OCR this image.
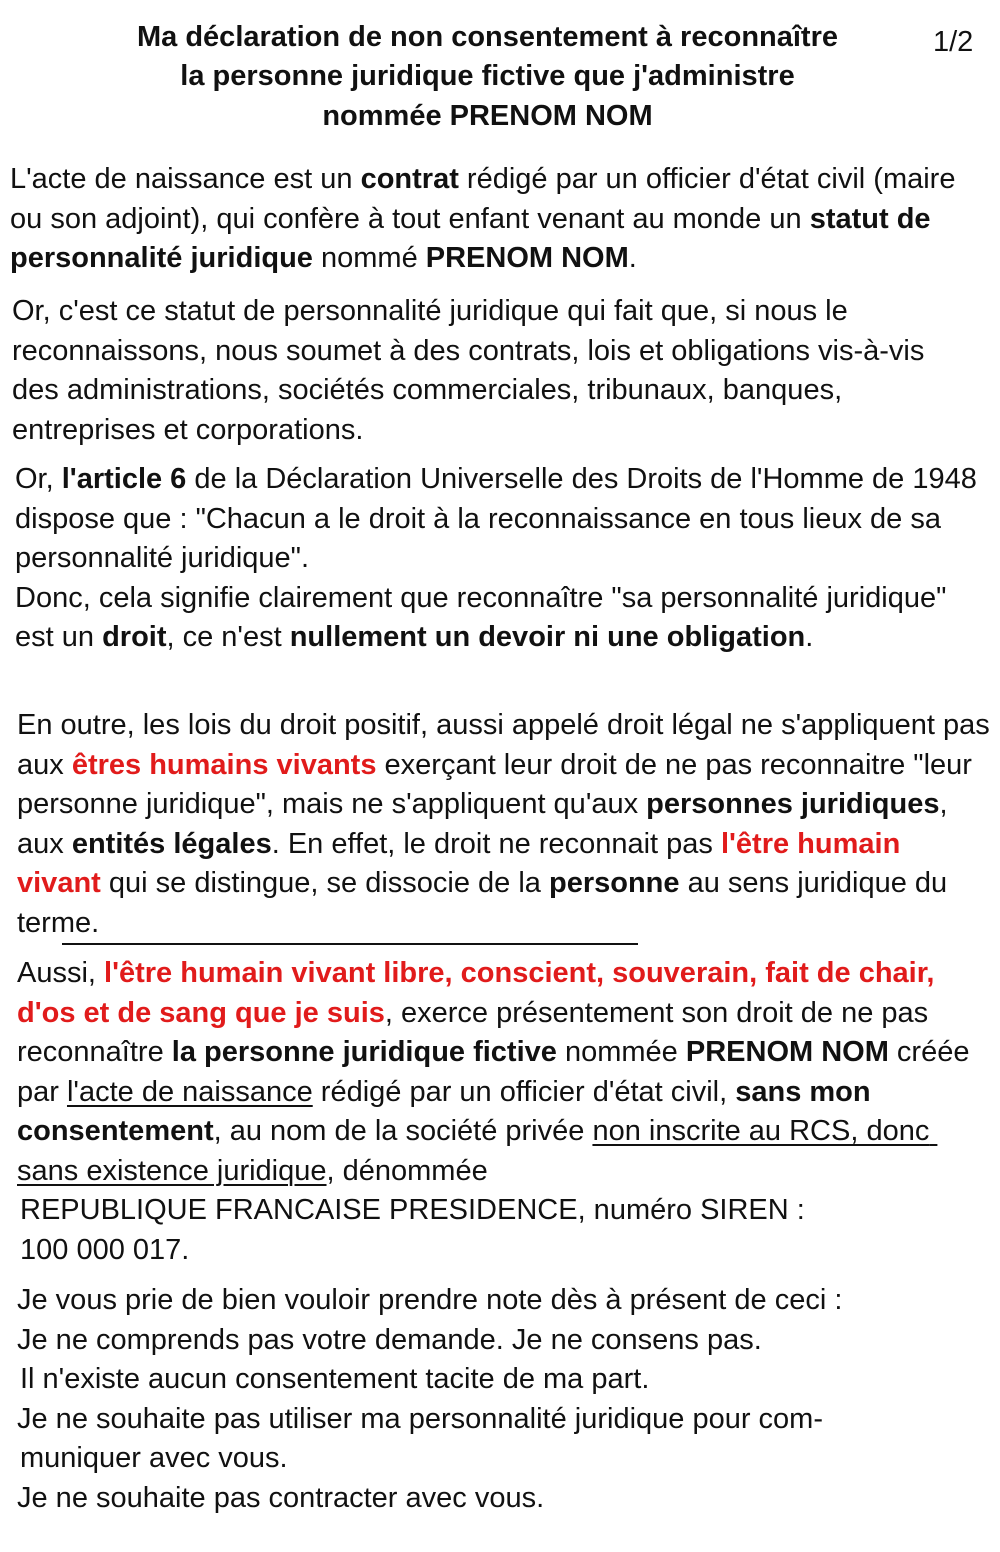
1/2
Ma déclaration de non consentement à reconnaître
la personne juridique fictive que j'administre
nommée PRENOM NOM

L'acte de naissance est un contrat rédigé par un officier d'état civil (maire ou son adjoint), qui confère à tout enfant venant au monde un statut de personnalité juridique nommé PRENOM NOM.

Or, c'est ce statut de personnalité juridique qui fait que, si nous le reconnaissons, nous soumet à des contrats, lois et obligations vis-à-vis des administrations, sociétés commerciales, tribunaux, banques, entreprises et corporations.

Or, l'article 6 de la Déclaration Universelle des Droits de l'Homme de 1948 dispose que : "Chacun a le droit à la reconnaissance en tous lieux de sa personnalité juridique".

Donc, cela signifie clairement que reconnaître "sa personnalité juridique" est un droit, ce n'est nullement un devoir ni une obligation.

En outre, les lois du droit positif, aussi appelé droit légal ne s'appliquent pas aux êtres humains vivants exerçant leur droit de ne pas reconnaitre "leur personne juridique", mais ne s'appliquent qu'aux personnes juridiques, aux entités légales. En effet, le droit ne reconnait pas l'être humain vivant qui se distingue, se dissocie de la personne au sens juridique du terme.

Aussi, l'être humain vivant libre, conscient, souverain, fait de chair, d'os et de sang que je suis, exerce présentement son droit de ne pas reconnaître la personne juridique fictive nommée PRENOM NOM créée par l'acte de naissance rédigé par un officier d'état civil, sans mon consentement, au nom de la société privée non inscrite au RCS, donc sans existence juridique, dénommée

REPUBLIQUE FRANCAISE PRESIDENCE, numéro SIREN :

100 000 017.

Je vous prie de bien vouloir prendre note dès à présent de ceci :

Je ne comprends pas votre demande. Je ne consens pas.

Il n'existe aucun consentement tacite de ma part.

Je ne souhaite pas utiliser ma personnalité juridique pour com-

muniquer avec vous.

Je ne souhaite pas contracter avec vous.
